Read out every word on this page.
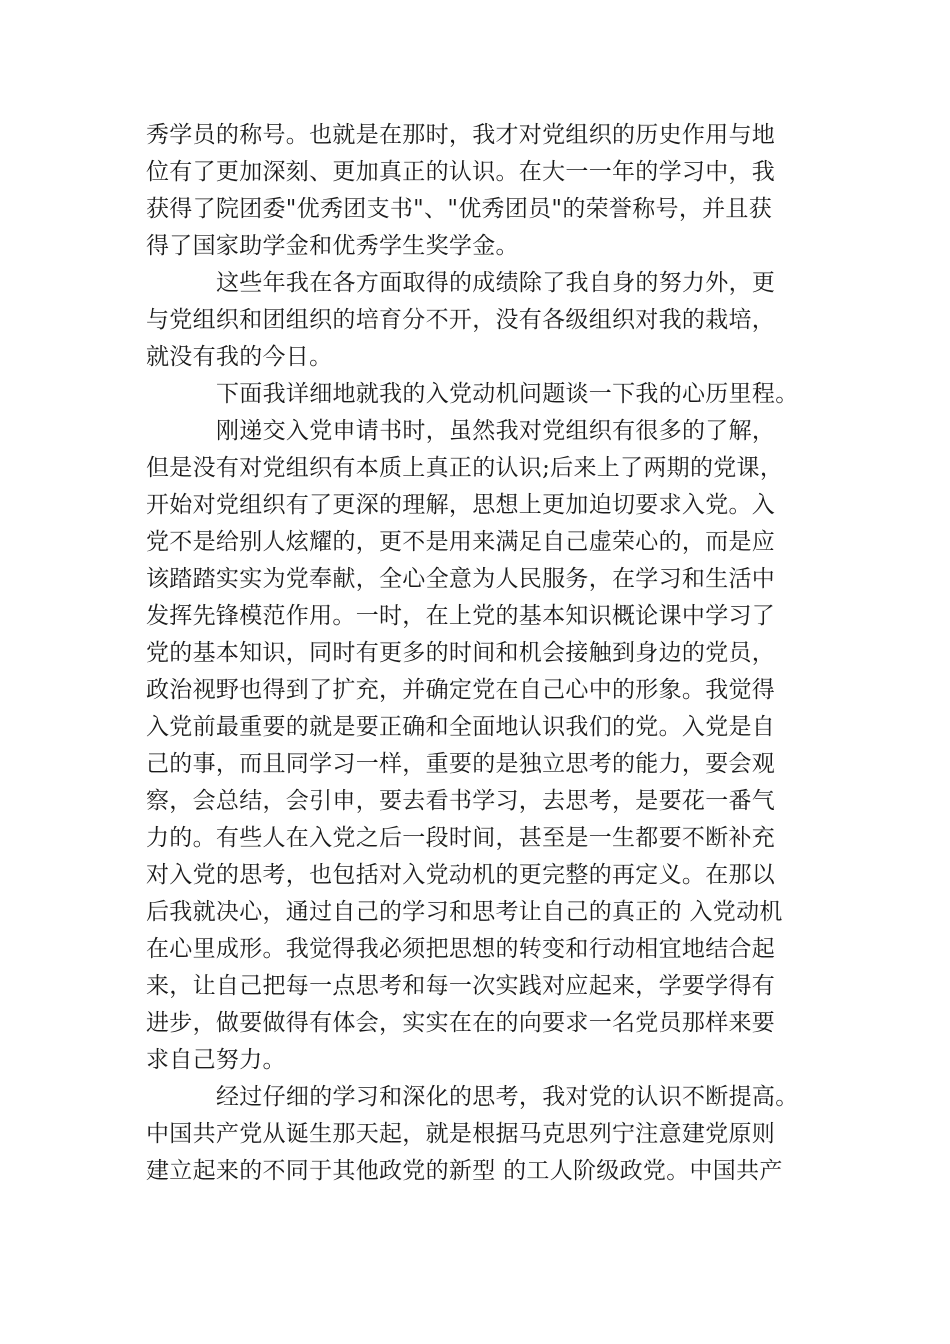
秀学员的称号。也就是在那时，我才对党组织的历史作用与地
位有了更加深刻、更加真正的认识。在大一一年的学习中，我
获得了院团委"优秀团支书"、"优秀团员"的荣誉称号，并且获
得了国家助学金和优秀学生奖学金。
这些年我在各方面取得的成绩除了我自身的努力外，更
与党组织和团组织的培育分不开，没有各级组织对我的栽培，
就没有我的今日。
下面我详细地就我的入党动机问题谈一下我的心历里程。
刚递交入党申请书时，虽然我对党组织有很多的了解，
但是没有对党组织有本质上真正的认识;后来上了两期的党课，
开始对党组织有了更深的理解，思想上更加迫切要求入党。入
党不是给别人炫耀的，更不是用来满足自己虚荣心的，而是应
该踏踏实实为党奉献，全心全意为人民服务，在学习和生活中
发挥先锋模范作用。一时，在上党的基本知识概论课中学习了
党的基本知识，同时有更多的时间和机会接触到身边的党员，
政治视野也得到了扩充，并确定党在自己心中的形象。我觉得
入党前最重要的就是要正确和全面地认识我们的党。入党是自
己的事，而且同学习一样，重要的是独立思考的能力，要会观
察，会总结，会引申，要去看书学习，去思考，是要花一番气
力的。有些人在入党之后一段时间，甚至是一生都要不断补充
对入党的思考，也包括对入党动机的更完整的再定义。在那以
后我就决心，通过自己的学习和思考让自己的真正的 入党动机
在心里成形。我觉得我必须把思想的转变和行动相宜地结合起
来，让自己把每一点思考和每一次实践对应起来，学要学得有
进步，做要做得有体会，实实在在的向要求一名党员那样来要
求自己努力。
经过仔细的学习和深化的思考，我对党的认识不断提高。
中国共产党从诞生那天起，就是根据马克思列宁注意建党原则
建立起来的不同于其他政党的新型 的工人阶级政党。中国共产
